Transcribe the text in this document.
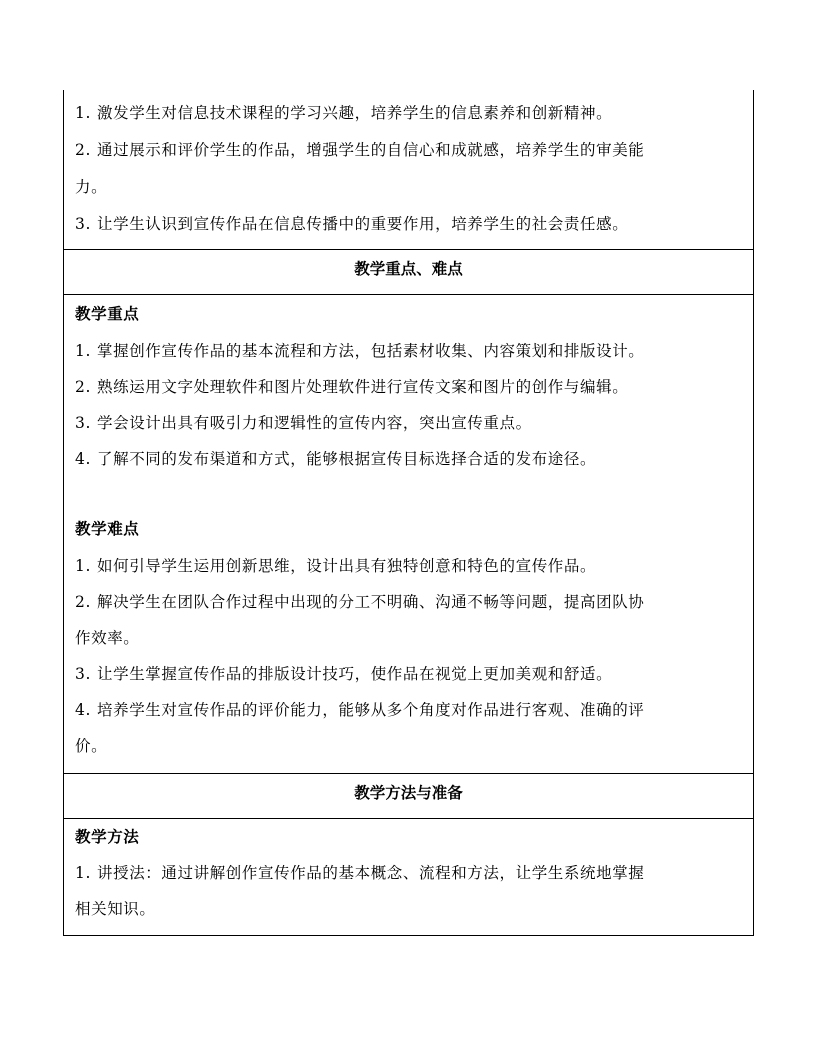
1. 激发学生对信息技术课程的学习兴趣，培养学生的信息素养和创新精神。
2. 通过展示和评价学生的作品，增强学生的自信心和成就感，培养学生的审美能
力。
3. 让学生认识到宣传作品在信息传播中的重要作用，培养学生的社会责任感。
教学重点、难点
教学重点
1. 掌握创作宣传作品的基本流程和方法，包括素材收集、内容策划和排版设计。
2. 熟练运用文字处理软件和图片处理软件进行宣传文案和图片的创作与编辑。
3. 学会设计出具有吸引力和逻辑性的宣传内容，突出宣传重点。
4. 了解不同的发布渠道和方式，能够根据宣传目标选择合适的发布途径。
教学难点
1. 如何引导学生运用创新思维，设计出具有独特创意和特色的宣传作品。
2. 解决学生在团队合作过程中出现的分工不明确、沟通不畅等问题，提高团队协
作效率。
3. 让学生掌握宣传作品的排版设计技巧，使作品在视觉上更加美观和舒适。
4. 培养学生对宣传作品的评价能力，能够从多个角度对作品进行客观、准确的评
价。
教学方法与准备
教学方法
1. 讲授法：通过讲解创作宣传作品的基本概念、流程和方法，让学生系统地掌握
相关知识。
